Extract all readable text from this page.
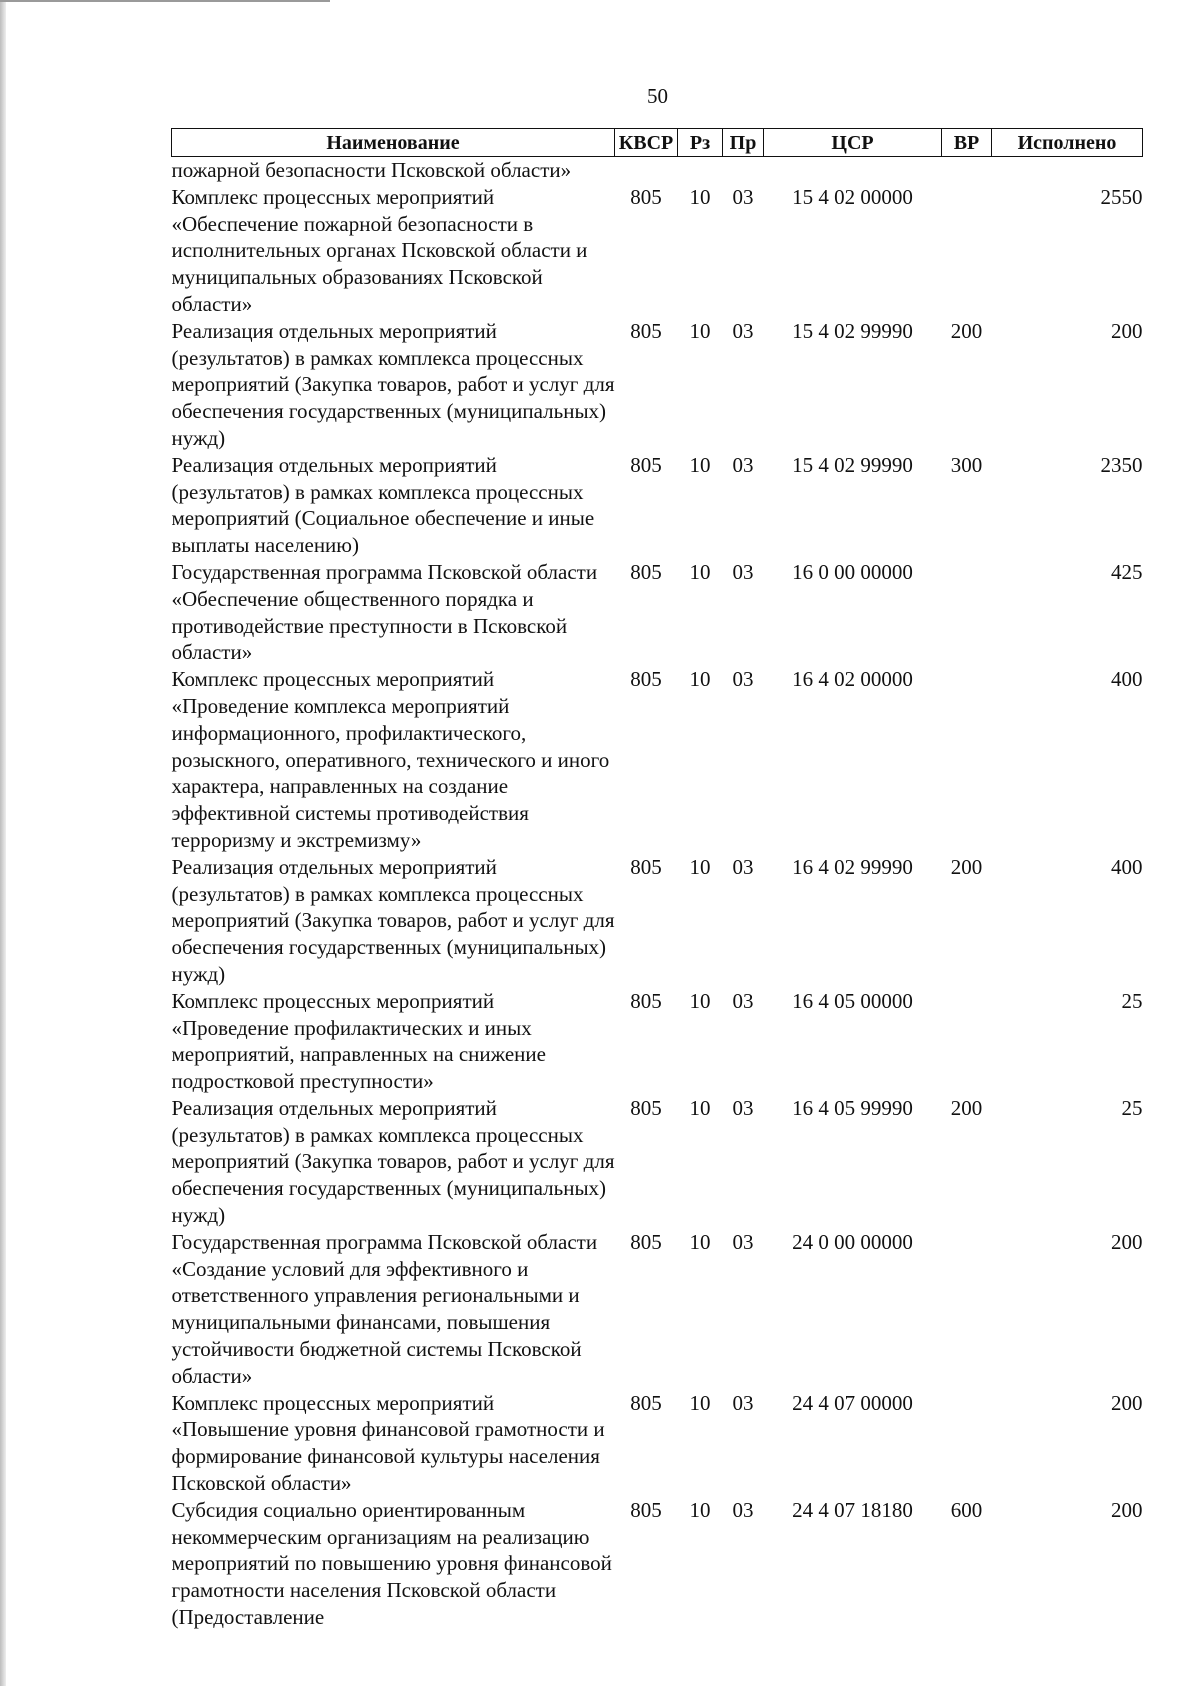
50
Наименование	КВСР	Рз	Пр	ЦСР	ВР	Исполнено
пожарной безопасности Псковской области»						
Комплекс процессных мероприятий «Обеспечение пожарной безопасности в исполнительных органах Псковской области и муниципальных образованиях Псковской области»	805	10	03	15 4 02 00000		2550
Реализация отдельных мероприятий (результатов) в рамках комплекса процессных мероприятий (Закупка товаров, работ и услуг для обеспечения государственных (муниципальных) нужд)	805	10	03	15 4 02 99990	200	200
Реализация отдельных мероприятий (результатов) в рамках комплекса процессных мероприятий (Социальное обеспечение и иные выплаты населению)	805	10	03	15 4 02 99990	300	2350
Государственная программа Псковской области «Обеспечение общественного порядка и противодействие преступности в Псковской области»	805	10	03	16 0 00 00000		425
Комплекс процессных мероприятий «Проведение комплекса мероприятий информационного, профилактического, розыскного, оперативного, технического и иного характера, направленных на создание эффективной системы противодействия терроризму и экстремизму»	805	10	03	16 4 02 00000		400
Реализация отдельных мероприятий (результатов) в рамках комплекса процессных мероприятий (Закупка товаров, работ и услуг для обеспечения государственных (муниципальных) нужд)	805	10	03	16 4 02 99990	200	400
Комплекс процессных мероприятий «Проведение профилактических и иных мероприятий, направленных на снижение подростковой преступности»	805	10	03	16 4 05 00000		25
Реализация отдельных мероприятий (результатов) в рамках комплекса процессных мероприятий (Закупка товаров, работ и услуг для обеспечения государственных (муниципальных) нужд)	805	10	03	16 4 05 99990	200	25
Государственная программа Псковской области «Создание условий для эффективного и ответственного управления региональными и муниципальными финансами, повышения устойчивости бюджетной системы Псковской области»	805	10	03	24 0 00 00000		200
Комплекс процессных мероприятий «Повышение уровня финансовой грамотности и формирование финансовой культуры населения Псковской области»	805	10	03	24 4 07 00000		200
Субсидия социально ориентированным некоммерческим организациям на реализацию мероприятий по повышению уровня финансовой грамотности населения Псковской области (Предоставление	805	10	03	24 4 07 18180	600	200
